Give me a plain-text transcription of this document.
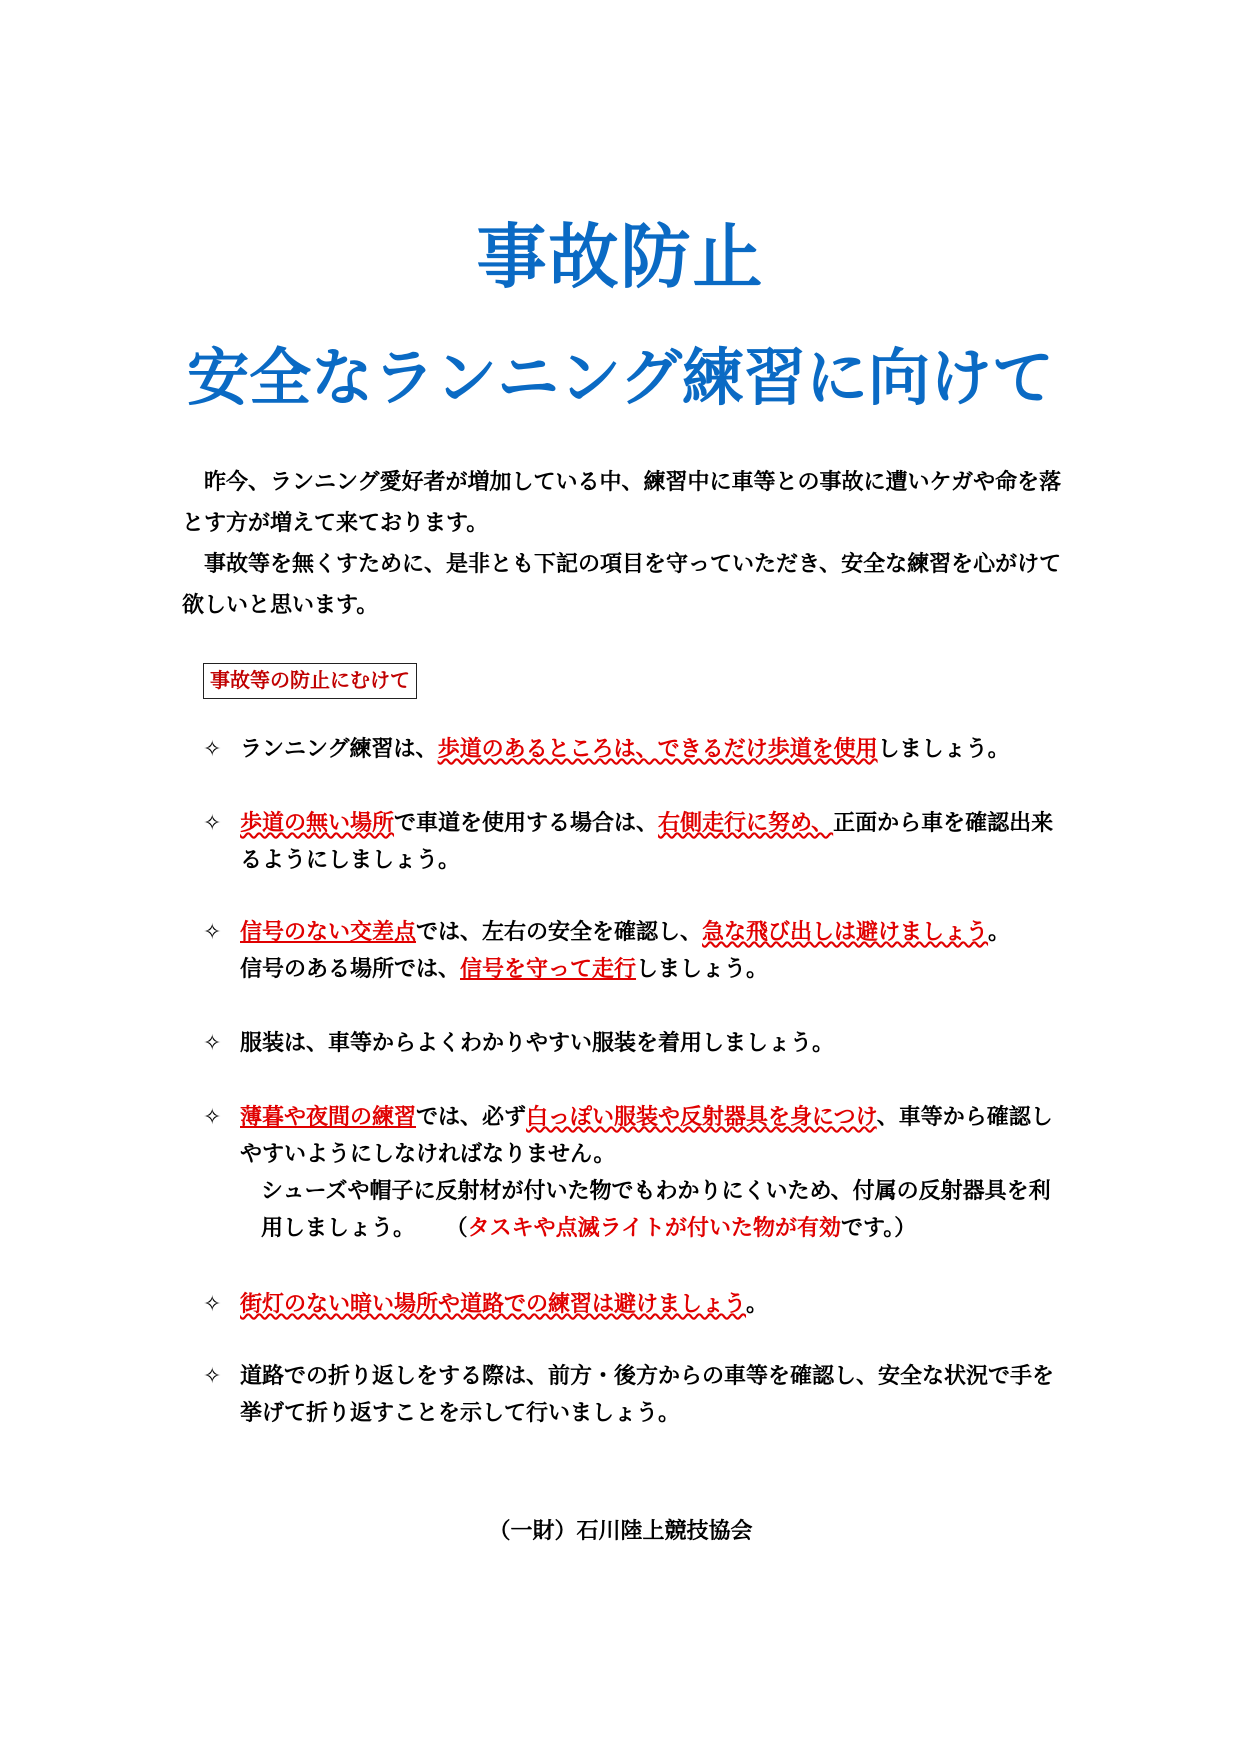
事故防止
安全なランニング練習に向けて

昨今、ランニング愛好者が増加している中、練習中に車等との事故に遭いケガや命を落とす方が増えて来ております。

事故等を無くすために、是非とも下記の項目を守っていただき、安全な練習を心がけて欲しいと思います。

事故等の防止にむけて
✧ ランニング練習は、歩道のあるところは、できるだけ歩道を使用しましょう。
✧ 歩道の無い場所で車道を使用する場合は、右側走行に努め、正面から車を確認出来るようにしましょう。
✧ 信号のない交差点では、左右の安全を確認し、急な飛び出しは避けましょう。
信号のある場所では、信号を守って走行しましょう。
✧ 服装は、車等からよくわかりやすい服装を着用しましょう。
✧ 薄暮や夜間の練習では、必ず白っぽい服装や反射器具を身につけ、車等から確認しやすいようにしなければなりません。
シューズや帽子に反射材が付いた物でもわかりにくいため、付属の反射器具を利用しましょう。 （タスキや点滅ライトが付いた物が有効です。）
✧ 街灯のない暗い場所や道路での練習は避けましょう。
✧ 道路での折り返しをする際は、前方・後方からの車等を確認し、安全な状況で手を挙げて折り返すことを示して行いましょう。
（一財）石川陸上競技協会
